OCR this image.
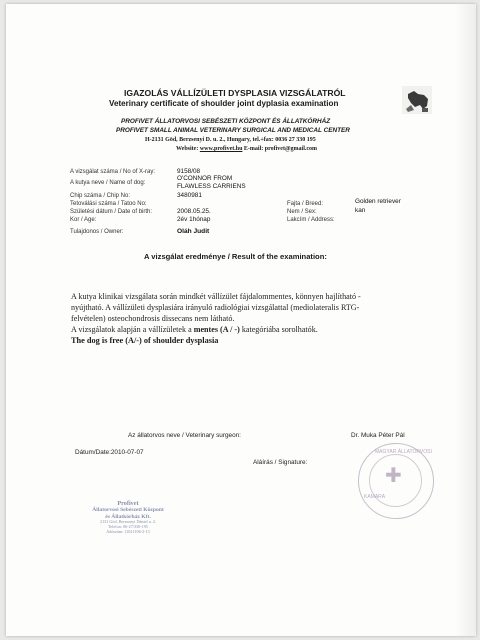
IGAZOLÁS VÁLLÍZÜLETI DYSPLASIA VIZSGÁLATRÓL
Veterinary certificate of shoulder joint dyplasia examination
PROFIVET ÁLLATORVOSI SEBÉSZETI KÖZPONT ÉS ÁLLATKÓRHÁZ
PROFIVET SMALL ANIMAL VETERINARY SURGICAL AND MEDICAL CENTER
H-2131 Göd, Berzsenyi D. u. 2., Hungary, tel.+fax: 0036 27 330 195
Website: www.profivet.hu E-mail: profivet@gmail.com
A vizsgálat száma / No of X-ray:	9158/08
A kutya neve / Name of dog:
O'CONNOR FROM
FLAWLESS CARRIENS
Chip száma / Chip No:	3480981
Tetoválási száma / Tatoo No:
Születési dátum / Date of birth:	2008.05.25.
Kor / Age:	2év 1hónap
Tulajdonos / Owner:	Oláh Judit
Fajta / Breed:	Golden retriever
Nem / Sex:	kan
Lakcím / Address:
A vizsgálat eredménye / Result of the examination:
A kutya klinikai vizsgálata során mindkét vállízület fájdalommentes, könnyen hajlítható -
nyújtható. A vállízületi dysplasiára irányuló radiológiai vizsgálattal (mediolateralis RTG-
felvételen) osteochondrosis dissecans nem látható.
A vizsgálatok alapján a vállízületek a mentes (A / -) kategóriába sorolhatók.
The dog is free (A/-) of shoulder dysplasia
Az állatorvos neve / Veterinary surgeon:	Dr. Muka Péter Pál
Dátum/Date:2010-07-07
Aláírás / Signature:
Profivet
Állatorvosi Sebészeti Központ
és Állatkórház Kft.
2131 Göd, Berzsenyi Dániel u. 2.
Telefon: 06-27/330-195
Adószám: 11021106-2-13
✚
MAGYAR ÁLLATORVOSI
KAMARA
